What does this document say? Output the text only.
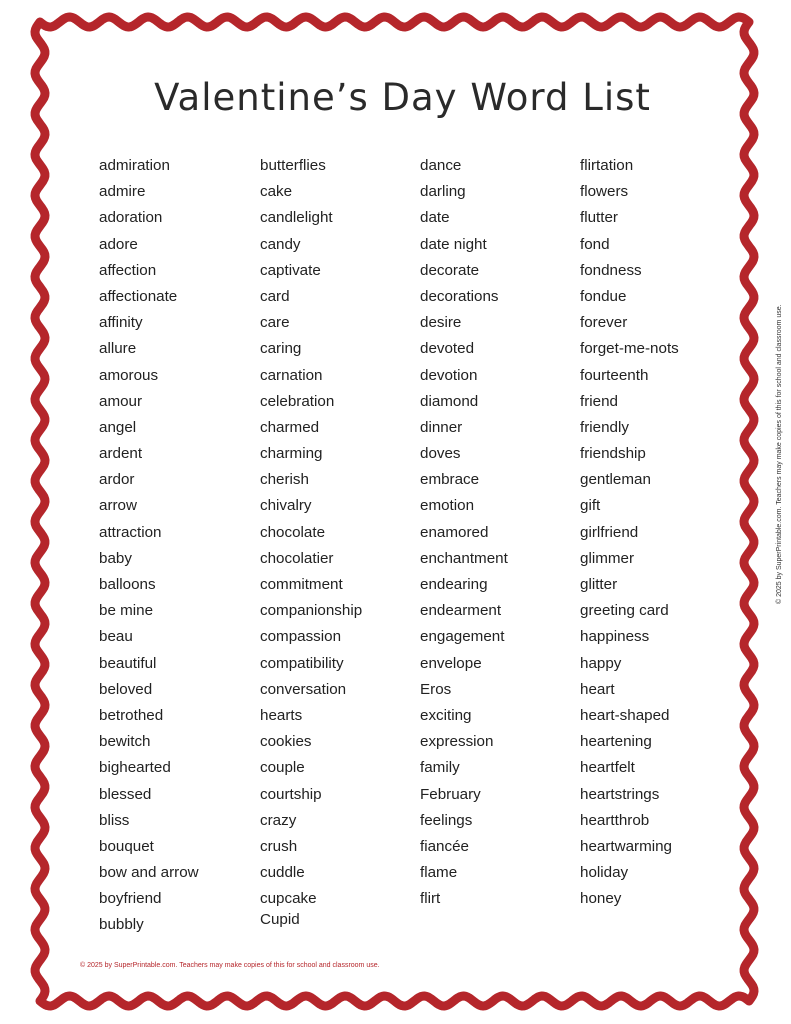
Valentine’s Day Word List
admiration
admire
adoration
adore
affection
affectionate
affinity
allure
amorous
amour
angel
ardent
ardor
arrow
attraction
baby
balloons
be mine
beau
beautiful
beloved
betrothed
bewitch
bighearted
blessed
bliss
bouquet
bow and arrow
boyfriend
bubbly
butterflies
cake
candlelight
candy
captivate
card
care
caring
carnation
celebration
charmed
charming
cherish
chivalry
chocolate
chocolatier
commitment
companionship
compassion
compatibility
conversation
hearts
cookies
couple
courtship
crazy
crush
cuddle
cupcake
dance
darling
date
date night
decorate
decorations
desire
devoted
devotion
diamond
dinner
doves
embrace
emotion
enamored
enchantment
endearing
endearment
engagement
envelope
Eros
exciting
expression
family
February
feelings
fiancée
flame
flirt
flirtation
flowers
flutter
fond
fondness
fondue
forever
forget-me-nots
fourteenth
friend
friendly
friendship
gentleman
gift
girlfriend
glimmer
glitter
greeting card
happiness
happy
heart
heart-shaped
heartening
heartfelt
heartstrings
heartthrob
heartwarming
holiday
honey
Cupid
© 2025 by SuperPrintable.com. Teachers may make copies of this for school and classroom use.
© 2025 by SuperPrintable.com. Teachers may make copies of this for school and classroom use.
